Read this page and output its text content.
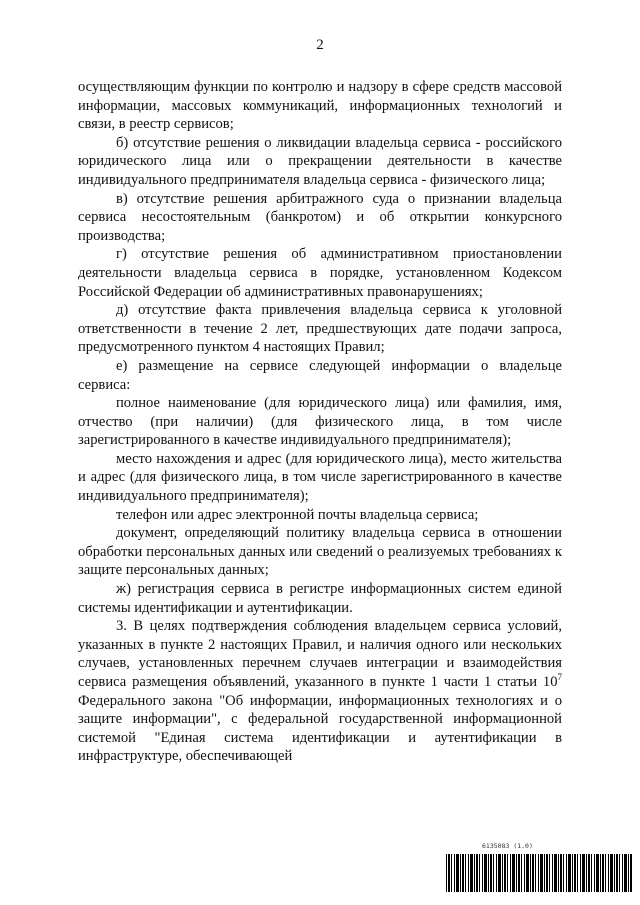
2

осуществляющим функции по контролю и надзору в сфере средств массовой информации, массовых коммуникаций, информационных технологий и связи, в реестр сервисов;

б) отсутствие решения о ликвидации владельца сервиса - российского юридического лица или о прекращении деятельности в качестве индивидуального предпринимателя владельца сервиса - физического лица;

в) отсутствие решения арбитражного суда о признании владельца сервиса несостоятельным (банкротом) и об открытии конкурсного производства;

г) отсутствие решения об административном приостановлении деятельности владельца сервиса в порядке, установленном Кодексом Российской Федерации об административных правонарушениях;

д) отсутствие факта привлечения владельца сервиса к уголовной ответственности в течение 2 лет, предшествующих дате подачи запроса, предусмотренного пунктом 4 настоящих Правил;

е) размещение на сервисе следующей информации о владельце сервиса:

полное наименование (для юридического лица) или фамилия, имя, отчество (при наличии) (для физического лица, в том числе зарегистрированного в качестве индивидуального предпринимателя);

место нахождения и адрес (для юридического лица), место жительства и адрес (для физического лица, в том числе зарегистрированного в качестве индивидуального предпринимателя);

телефон или адрес электронной почты владельца сервиса;

документ, определяющий политику владельца сервиса в отношении обработки персональных данных или сведений о реализуемых требованиях к защите персональных данных;

ж) регистрация сервиса в регистре информационных систем единой системы идентификации и аутентификации.

3. В целях подтверждения соблюдения владельцем сервиса условий, указанных в пункте 2 настоящих Правил, и наличия одного или нескольких случаев, установленных перечнем случаев интеграции и взаимодействия сервиса размещения объявлений, указанного в пункте 1 части 1 статьи $10^7$ Федерального закона "Об информации, информационных технологиях и о защите информации", с федеральной государственной информационной системой "Единая система идентификации и аутентификации в инфраструктуре, обеспечивающей

6135083 (1.0)
